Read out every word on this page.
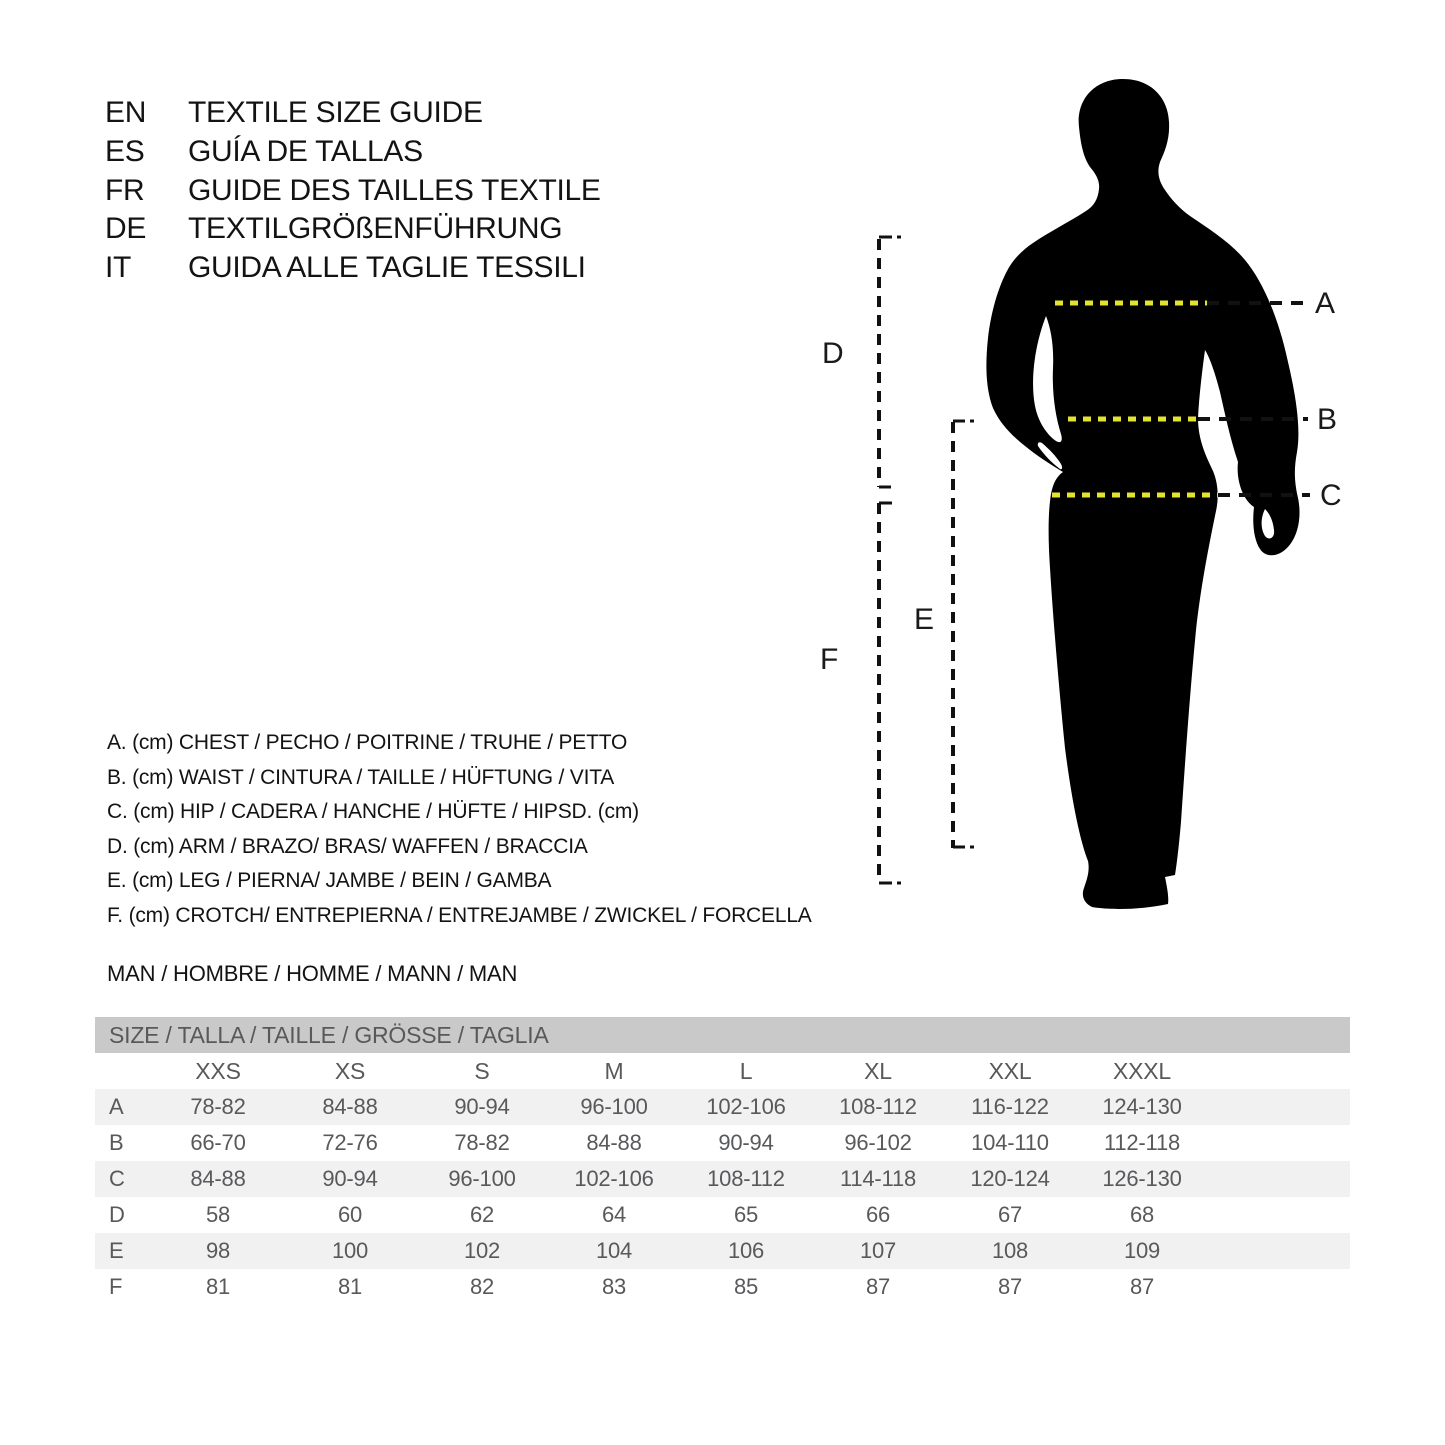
EN	TEXTILE SIZE GUIDE
ES	GUÍA DE TALLAS
FR	GUIDE DES TAILLES TEXTILE
DE	TEXTILGRÖßENFÜHRUNG
IT	GUIDA ALLE TAGLIE TESSILI
A
B
C
D
E
F
A. (cm) CHEST / PECHO / POITRINE / TRUHE / PETTO
B. (cm) WAIST / CINTURA / TAILLE / HÜFTUNG / VITA
C. (cm) HIP / CADERA / HANCHE / HÜFTE / HIPSD. (cm)
D. (cm) ARM / BRAZO/ BRAS/ WAFFEN / BRACCIA
E. (cm) LEG / PIERNA/ JAMBE / BEIN / GAMBA
F. (cm) CROTCH/ ENTREPIERNA / ENTREJAMBE / ZWICKEL / FORCELLA
MAN / HOMBRE / HOMME / MANN / MAN
SIZE / TALLA / TAILLE / GRÖSSE / TAGLIA
	XXS	XS	S	M	L	XL	XXL	XXXL	
A	78-82	84-88	90-94	96-100	102-106	108-112	116-122	124-130	
B	66-70	72-76	78-82	84-88	90-94	96-102	104-110	112-118	
C	84-88	90-94	96-100	102-106	108-112	114-118	120-124	126-130	
D	58	60	62	64	65	66	67	68	
E	98	100	102	104	106	107	108	109	
F	81	81	82	83	85	87	87	87	
